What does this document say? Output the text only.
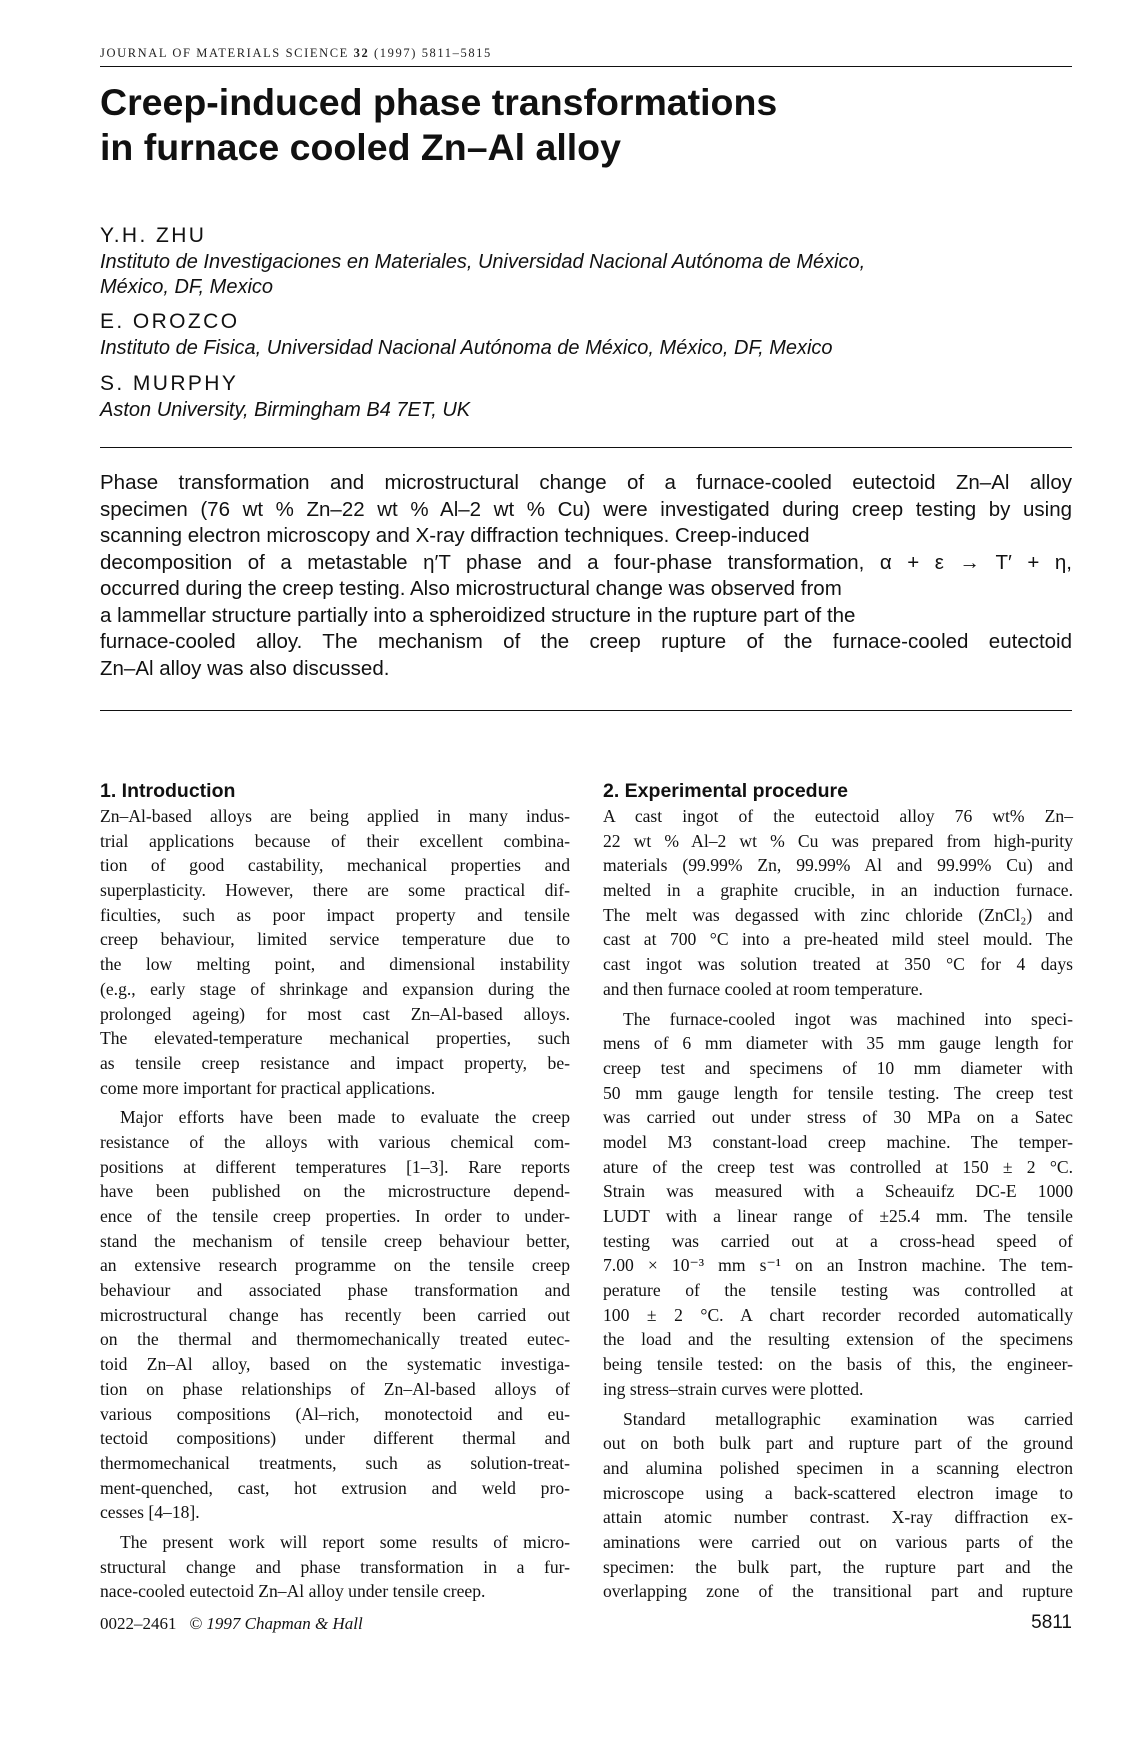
JOURNAL OF MATERIALS SCIENCE 32 (1997) 5811–5815
Creep-induced phase transformations
in furnace cooled Zn–Al alloy
Y.H. ZHU
Instituto de Investigaciones en Materiales, Universidad Nacional Autónoma de México,
México, DF, Mexico
E. OROZCO
Instituto de Fisica, Universidad Nacional Autónoma de México, México, DF, Mexico
S. MURPHY
Aston University, Birmingham B4 7ET, UK
Phase transformation and microstructural change of a furnace-cooled eutectoid Zn–Al alloy
specimen (76 wt % Zn–22 wt % Al–2 wt % Cu) were investigated during creep testing by using
scanning electron microscopy and X-ray diffraction techniques. Creep-induced
decomposition of a metastable η′T phase and a four-phase transformation, α + ε → T′ + η,
occurred during the creep testing. Also microstructural change was observed from
a lammellar structure partially into a spheroidized structure in the rupture part of the
furnace-cooled alloy. The mechanism of the creep rupture of the furnace-cooled eutectoid
Zn–Al alloy was also discussed.
1. Introduction
Zn–Al-based alloys are being applied in many indus-
trial applications because of their excellent combina-
tion of good castability, mechanical properties and
superplasticity. However, there are some practical dif-
ficulties, such as poor impact property and tensile
creep behaviour, limited service temperature due to
the low melting point, and dimensional instability
(e.g., early stage of shrinkage and expansion during the
prolonged ageing) for most cast Zn–Al-based alloys.
The elevated-temperature mechanical properties, such
as tensile creep resistance and impact property, be-
come more important for practical applications.
Major efforts have been made to evaluate the creep
resistance of the alloys with various chemical com-
positions at different temperatures [1–3]. Rare reports
have been published on the microstructure depend-
ence of the tensile creep properties. In order to under-
stand the mechanism of tensile creep behaviour better,
an extensive research programme on the tensile creep
behaviour and associated phase transformation and
microstructural change has recently been carried out
on the thermal and thermomechanically treated eutec-
toid Zn–Al alloy, based on the systematic investiga-
tion on phase relationships of Zn–Al-based alloys of
various compositions (Al–rich, monotectoid and eu-
tectoid compositions) under different thermal and
thermomechanical treatments, such as solution-treat-
ment-quenched, cast, hot extrusion and weld pro-
cesses [4–18].
The present work will report some results of micro-
structural change and phase transformation in a fur-
nace-cooled eutectoid Zn–Al alloy under tensile creep.
2. Experimental procedure
A cast ingot of the eutectoid alloy 76 wt% Zn–
22 wt % Al–2 wt % Cu was prepared from high-purity
materials (99.99% Zn, 99.99% Al and 99.99% Cu) and
melted in a graphite crucible, in an induction furnace.
The melt was degassed with zinc chloride (ZnCl₂) and
cast at 700 °C into a pre-heated mild steel mould. The
cast ingot was solution treated at 350 °C for 4 days
and then furnace cooled at room temperature.
The furnace-cooled ingot was machined into speci-
mens of 6 mm diameter with 35 mm gauge length for
creep test and specimens of 10 mm diameter with
50 mm gauge length for tensile testing. The creep test
was carried out under stress of 30 MPa on a Satec
model M3 constant-load creep machine. The temper-
ature of the creep test was controlled at 150 ± 2 °C.
Strain was measured with a Scheauifz DC-E 1000
LUDT with a linear range of ±25.4 mm. The tensile
testing was carried out at a cross-head speed of
7.00 × 10⁻³ mm s⁻¹ on an Instron machine. The tem-
perature of the tensile testing was controlled at
100 ± 2 °C. A chart recorder recorded automatically
the load and the resulting extension of the specimens
being tensile tested: on the basis of this, the engineer-
ing stress–strain curves were plotted.
Standard metallographic examination was carried
out on both bulk part and rupture part of the ground
and alumina polished specimen in a scanning electron
microscope using a back-scattered electron image to
attain atomic number contrast. X-ray diffraction ex-
aminations were carried out on various parts of the
specimen: the bulk part, the rupture part and the
overlapping zone of the transitional part and rupture
0022–2461 © 1997 Chapman & Hall	5811
